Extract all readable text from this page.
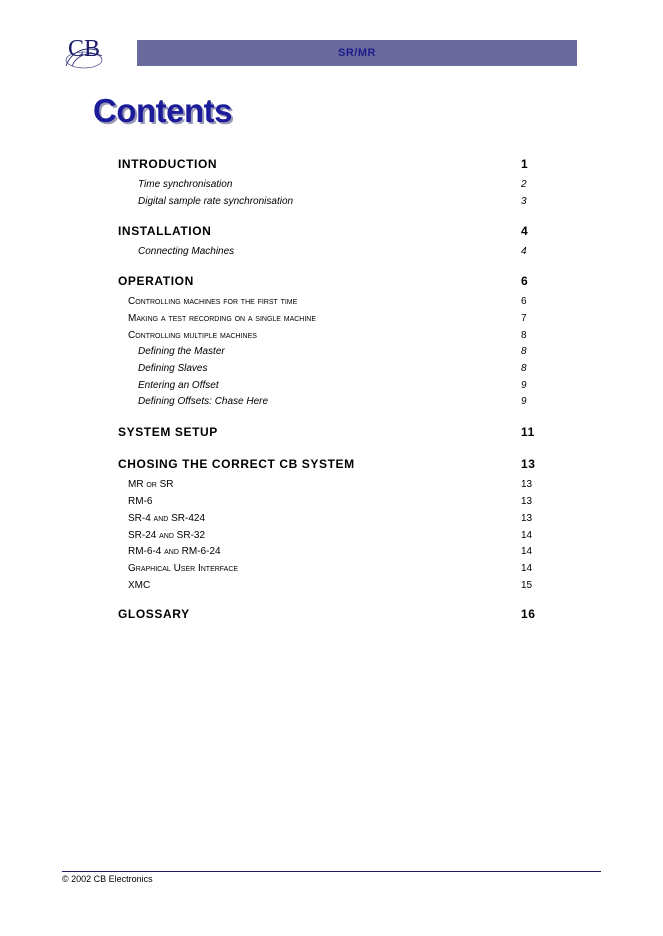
CB	SR/MR
Contents
INTRODUCTION	1
Time synchronisation	2
Digital sample rate synchronisation	3
INSTALLATION	4
Connecting Machines	4
OPERATION	6
Controlling machines for the first time	6
Making a test recording on a single machine	7
Controlling multiple machines	8
Defining the Master	8
Defining Slaves	8
Entering an Offset	9
Defining Offsets: Chase Here	9
SYSTEM SETUP	11
CHOSING THE CORRECT CB SYSTEM	13
MR or SR	13
RM-6	13
SR-4 and SR-424	13
SR-24 and SR-32	14
RM-6-4 and RM-6-24	14
Graphical User Interface	14
XMC	15
GLOSSARY	16
© 2002 CB Electronics
